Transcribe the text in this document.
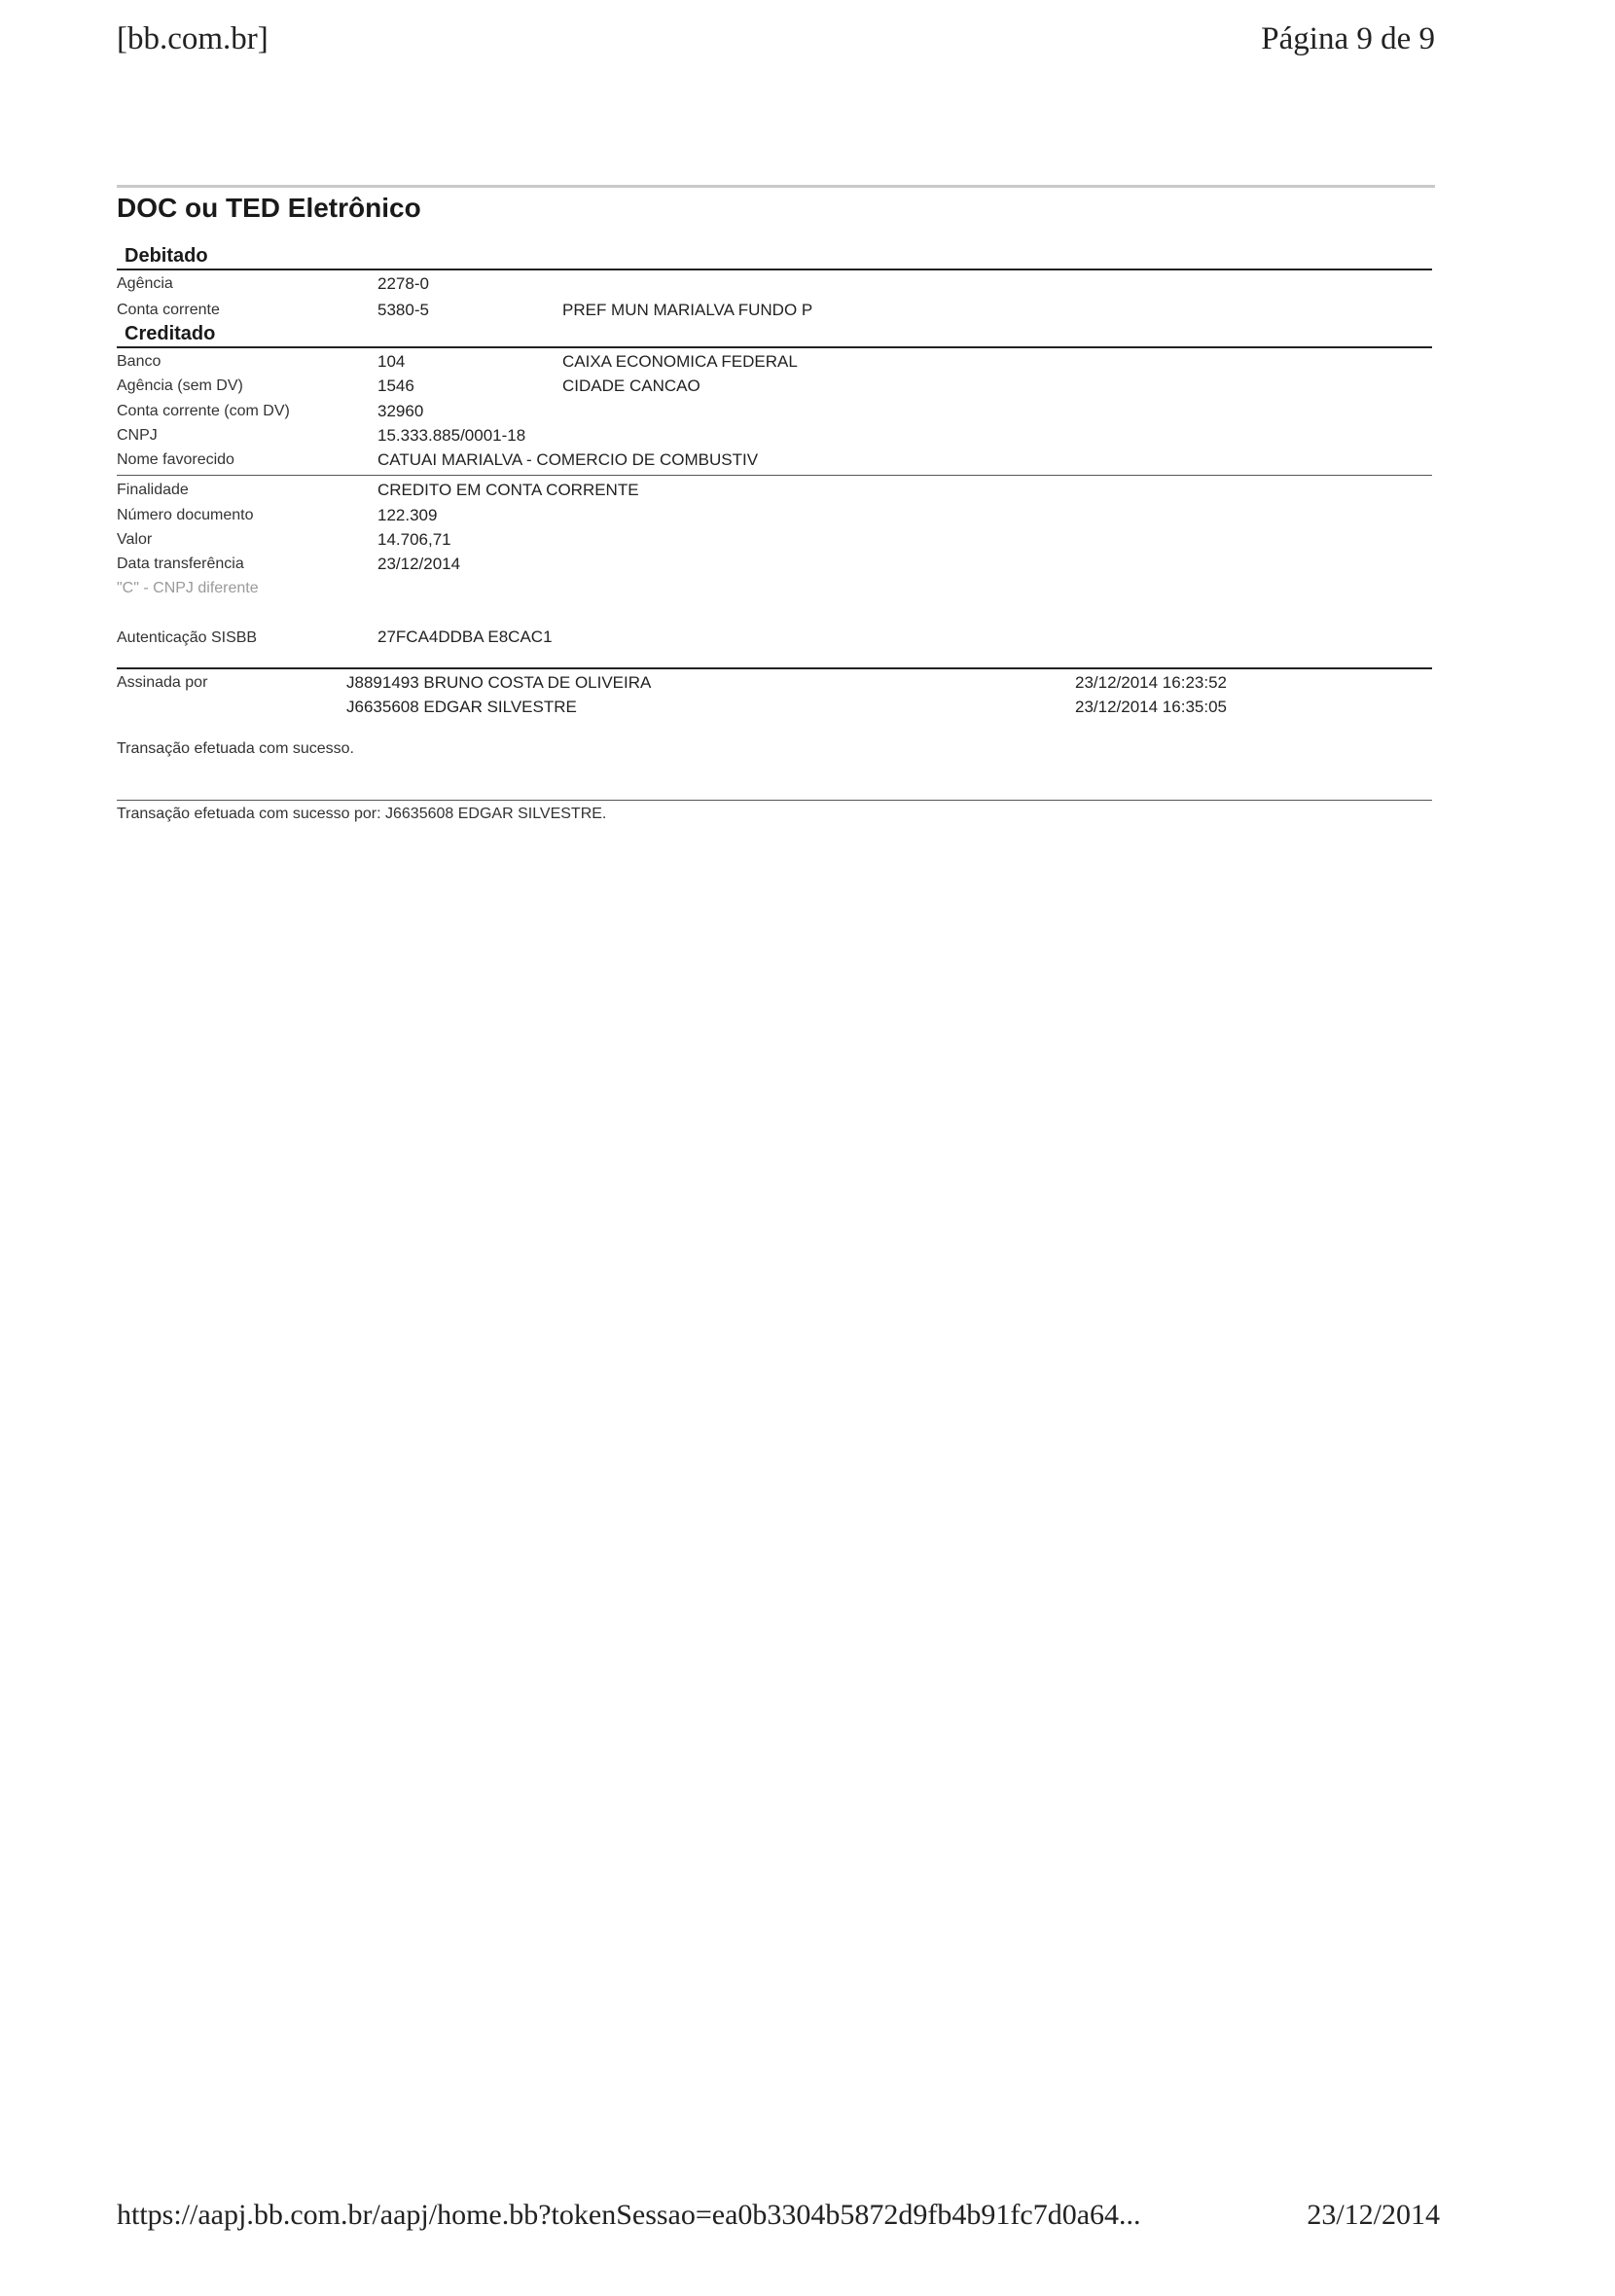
[bb.com.br]	Página 9 de 9
DOC ou TED Eletrônico
Debitado
Agência	2278-0
Conta corrente	5380-5	PREF MUN MARIALVA FUNDO P
Creditado
Banco	104	CAIXA ECONOMICA FEDERAL
Agência (sem DV)	1546	CIDADE CANCAO
Conta corrente (com DV)	32960
CNPJ	15.333.885/0001-18
Nome favorecido	CATUAI MARIALVA - COMERCIO DE COMBUSTIV
Finalidade	CREDITO EM CONTA CORRENTE
Número documento	122.309
Valor	14.706,71
Data transferência	23/12/2014
"C" - CNPJ diferente
Autenticação SISBB	27FCA4DDBA E8CAC1
Assinada por	J8891493 BRUNO COSTA DE OLIVEIRA	23/12/2014 16:23:52
J6635608 EDGAR SILVESTRE	23/12/2014 16:35:05
Transação efetuada com sucesso.
Transação efetuada com sucesso por: J6635608 EDGAR SILVESTRE.
https://aapj.bb.com.br/aapj/home.bb?tokenSessao=ea0b3304b5872d9fb4b91fc7d0a64...	23/12/2014
